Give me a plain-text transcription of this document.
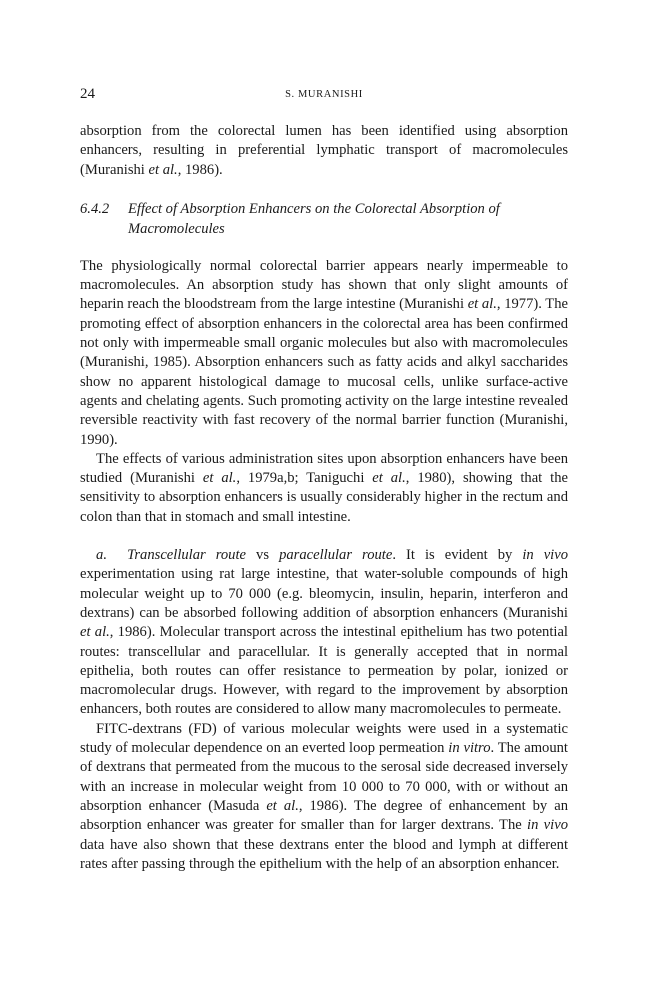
24	S. MURANISHI

absorption from the colorectal lumen has been identified using absorption enhancers, resulting in preferential lymphatic transport of macromolecules (Muranishi et al., 1986).

6.4.2 Effect of Absorption Enhancers on the Colorectal Absorption of Macromolecules

The physiologically normal colorectal barrier appears nearly impermeable to macromolecules. An absorption study has shown that only slight amounts of heparin reach the bloodstream from the large intestine (Muranishi et al., 1977). The promoting effect of absorption enhancers in the colorectal area has been confirmed not only with impermeable small organic molecules but also with macromolecules (Muranishi, 1985). Absorption enhancers such as fatty acids and alkyl saccharides show no apparent histological damage to mucosal cells, unlike surface-active agents and chelating agents. Such promoting activity on the large intestine revealed reversible reactivity with fast recovery of the normal barrier function (Muranishi, 1990).

The effects of various administration sites upon absorption enhancers have been studied (Muranishi et al., 1979a,b; Taniguchi et al., 1980), showing that the sensitivity to absorption enhancers is usually considerably higher in the rectum and colon than that in stomach and small intestine.

a. Transcellular route vs paracellular route. It is evident by in vivo experimentation using rat large intestine, that water-soluble compounds of high molecular weight up to 70 000 (e.g. bleomycin, insulin, heparin, interferon and dextrans) can be absorbed following addition of absorption enhancers (Muranishi et al., 1986). Molecular transport across the intestinal epithelium has two potential routes: transcellular and paracellular. It is generally accepted that in normal epithelia, both routes can offer resistance to permeation by polar, ionized or macromolecular drugs. However, with regard to the improvement by absorption enhancers, both routes are considered to allow many macromolecules to permeate.

FITC-dextrans (FD) of various molecular weights were used in a systematic study of molecular dependence on an everted loop permeation in vitro. The amount of dextrans that permeated from the mucous to the serosal side decreased inversely with an increase in molecular weight from 10 000 to 70 000, with or without an absorption enhancer (Masuda et al., 1986). The degree of enhancement by an absorption enhancer was greater for smaller than for larger dextrans. The in vivo data have also shown that these dextrans enter the blood and lymph at different rates after passing through the epithelium with the help of an absorption enhancer.
